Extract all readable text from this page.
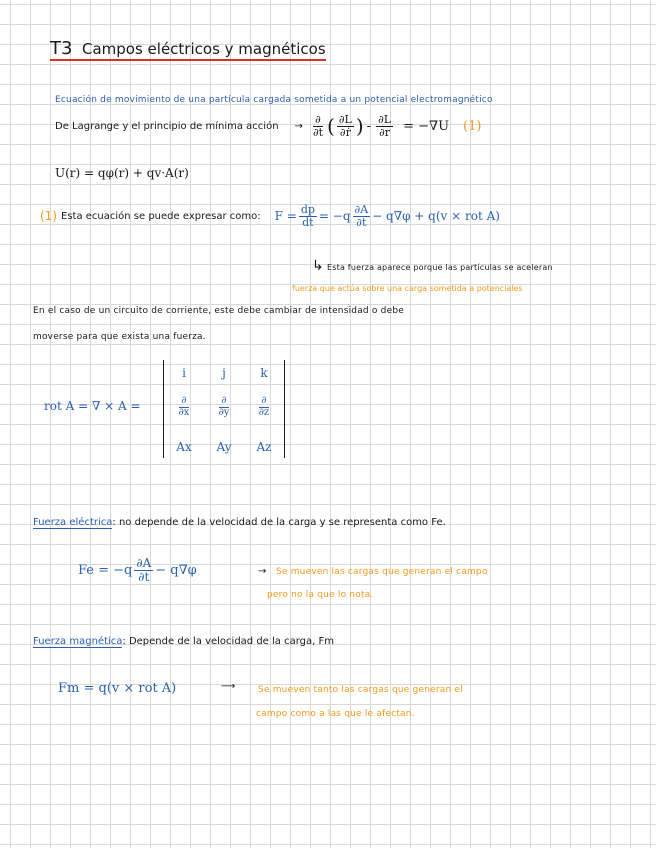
T3 Campos eléctricos y magnéticos
Ecuación de movimiento de una partícula cargada sometida a un potencial electromagnético
De Lagrange y el principio de mínima acción → $\frac{\partial}{\partial t}$ ( $\frac{\partial L}{\text{∂ṙ}}$ ) - $\frac{\partial L}{\partial r} = -\nabla U$ (1)
U(r) = qφ(r) + qv·A(r)
(1) Esta ecuación se puede expresar como: $F = \frac{dp}{dt} = -q \frac{\partial A}{\partial t} - q\nabla\varphi + q(v$ × rot A)
↳ Esta fuerza aparece porque las partículas se aceleran
fuerza que actúa sobre una carga sometida a potenciales
En el caso de un circuito de corriente, este debe cambiar de intensidad o debe
moverse para que exista una fuerza.
rot A = ∇ × A =
i	j	k
$\frac{\partial}{\partial x}$	$\frac{\partial}{\partial y}$	$\frac{\partial}{\partial z}$
Ax	Ay	Az
Fuerza eléctrica: no depende de la velocidad de la carga y se representa como Fe.
$Fe = -q \frac{\partial A}{\partial t} - q\nabla\varphi$	→ Se mueven las cargas que generan el campo
pero no la que lo nota.
Fuerza magnética: Depende de la velocidad de la carga, Fm
Fm = q(v × rot A)	⟶	Se mueven tanto las cargas que generan el
campo como a las que le afectan.
